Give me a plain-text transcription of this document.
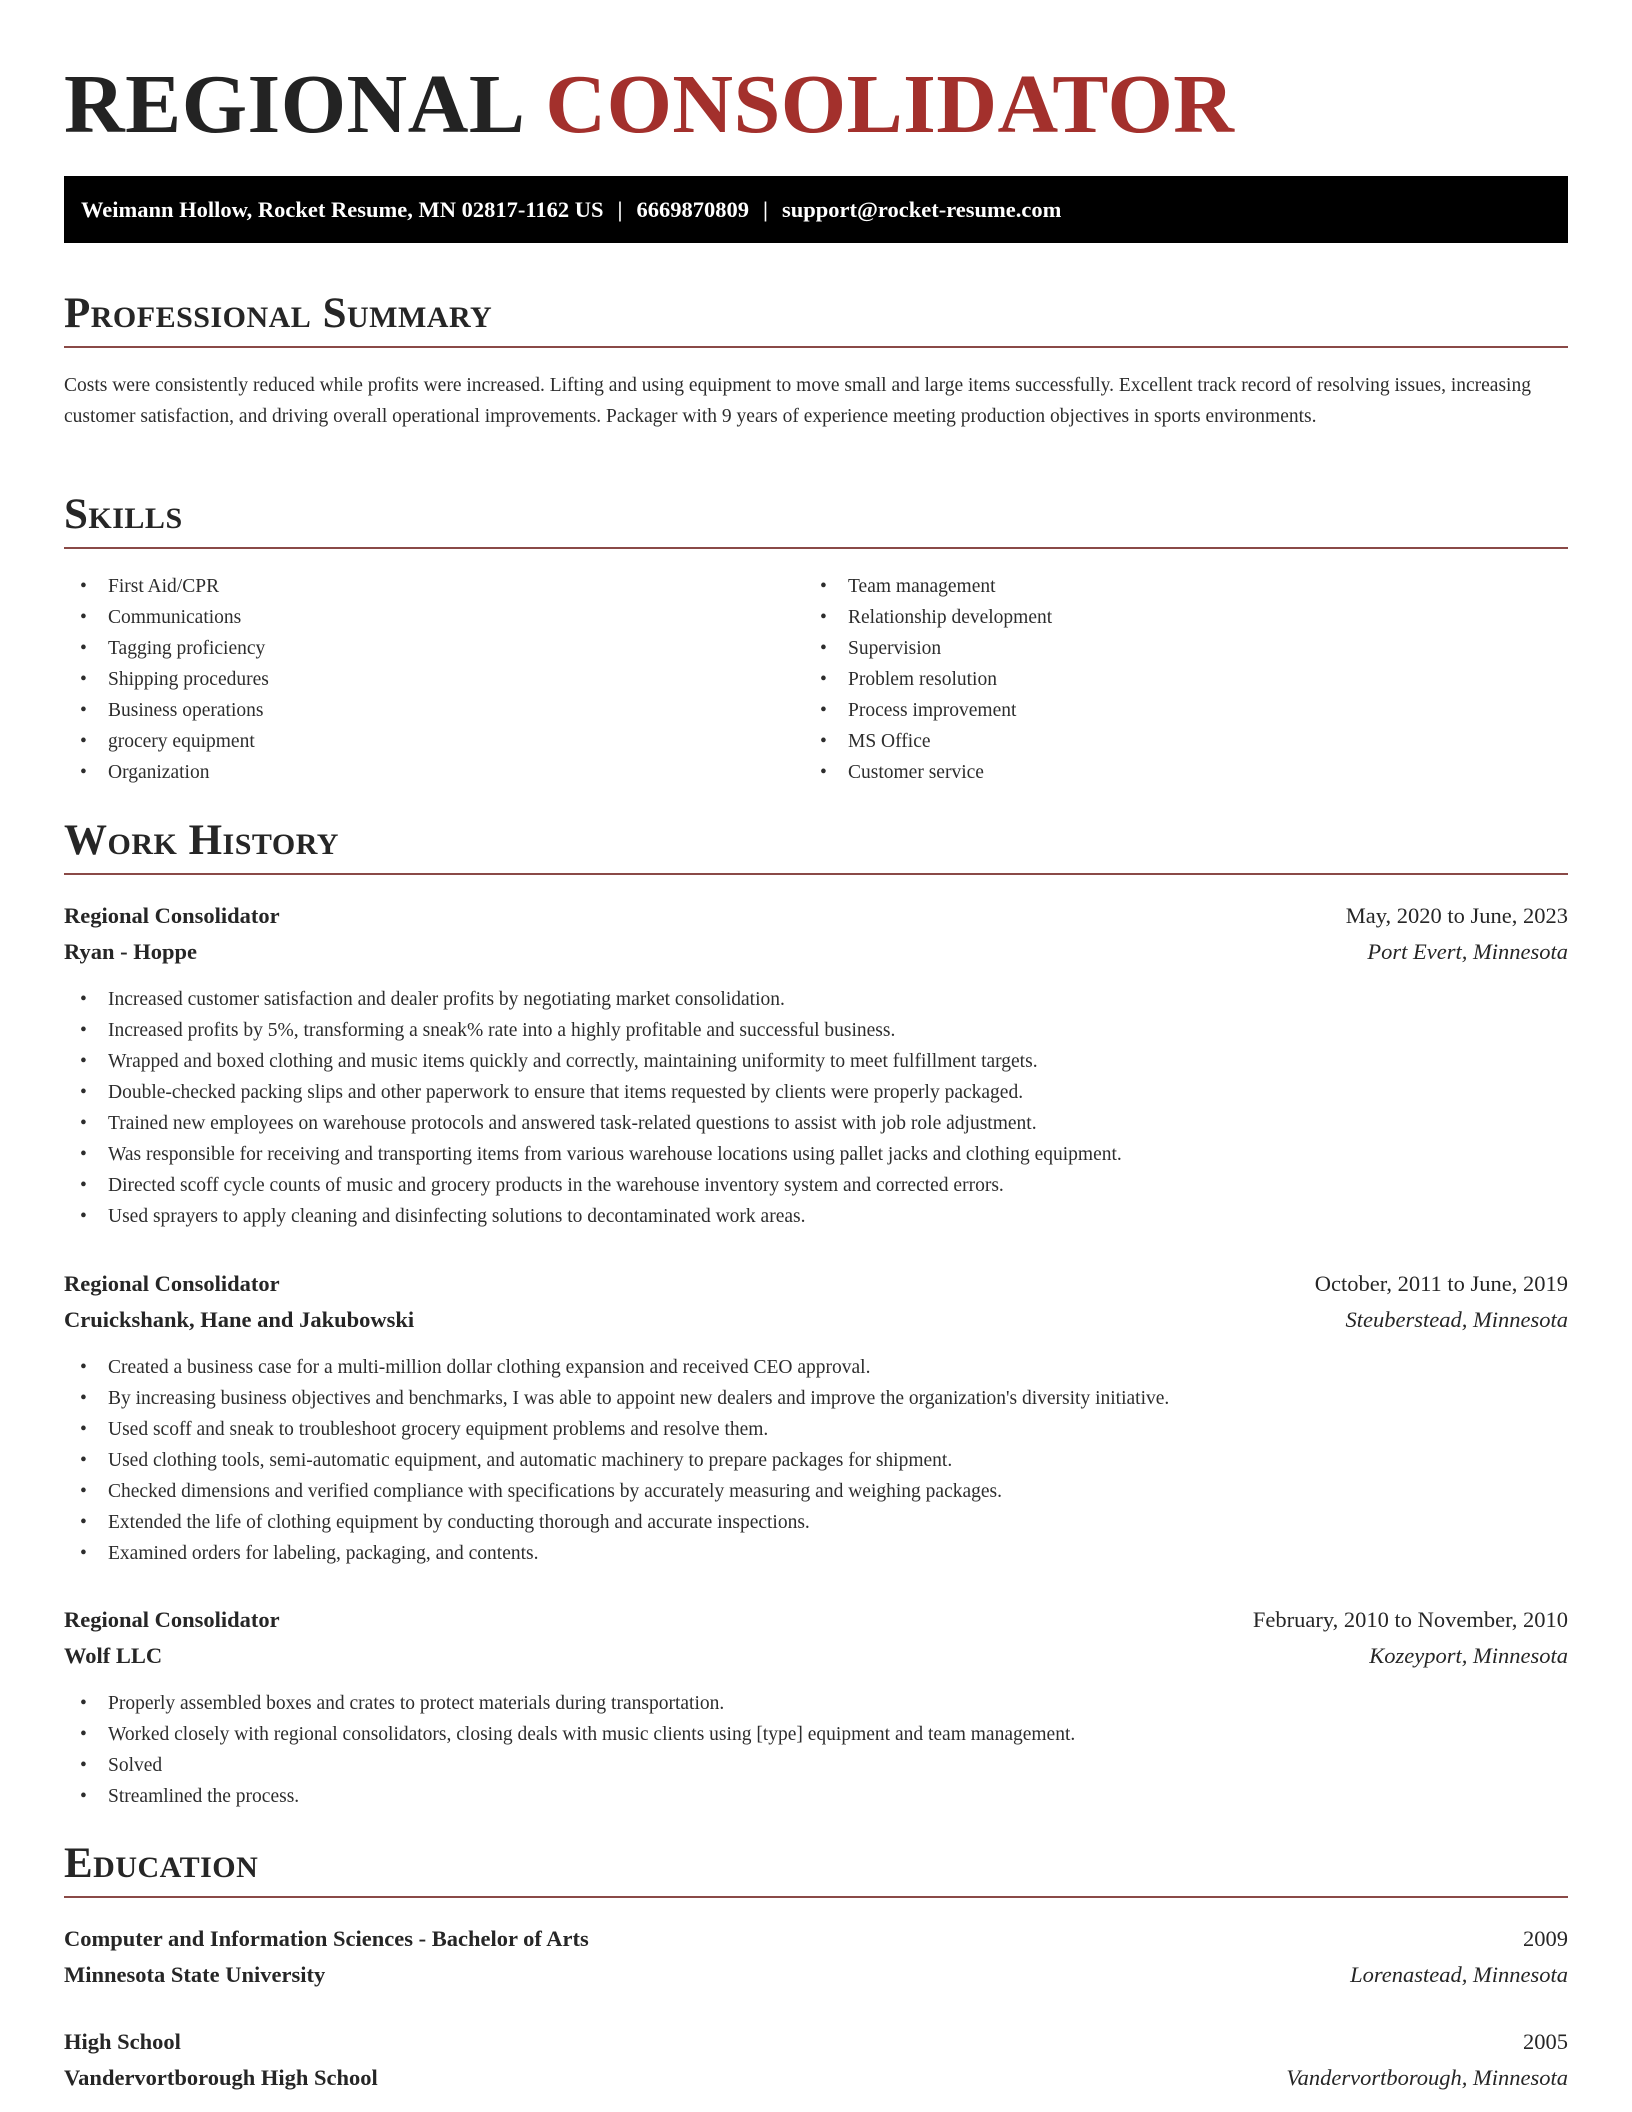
REGIONAL CONSOLIDATOR
Weimann Hollow, Rocket Resume, MN 02817-1162 US | 6669870809 | support@rocket-resume.com
Professional Summary
Costs were consistently reduced while profits were increased. Lifting and using equipment to move small and large items successfully. Excellent track record of resolving issues, increasing customer satisfaction, and driving overall operational improvements. Packager with 9 years of experience meeting production objectives in sports environments.
Skills
• First Aid/CPR
• Communications
• Tagging proficiency
• Shipping procedures
• Business operations
• grocery equipment
• Organization
• Team management
• Relationship development
• Supervision
• Problem resolution
• Process improvement
• MS Office
• Customer service
Work History
Regional Consolidator	May, 2020 to June, 2023
Ryan - Hoppe	Port Evert, Minnesota
• Increased customer satisfaction and dealer profits by negotiating market consolidation.
• Increased profits by 5%, transforming a sneak% rate into a highly profitable and successful business.
• Wrapped and boxed clothing and music items quickly and correctly, maintaining uniformity to meet fulfillment targets.
• Double-checked packing slips and other paperwork to ensure that items requested by clients were properly packaged.
• Trained new employees on warehouse protocols and answered task-related questions to assist with job role adjustment.
• Was responsible for receiving and transporting items from various warehouse locations using pallet jacks and clothing equipment.
• Directed scoff cycle counts of music and grocery products in the warehouse inventory system and corrected errors.
• Used sprayers to apply cleaning and disinfecting solutions to decontaminated work areas.
Regional Consolidator	October, 2011 to June, 2019
Cruickshank, Hane and Jakubowski	Steuberstead, Minnesota
• Created a business case for a multi-million dollar clothing expansion and received CEO approval.
• By increasing business objectives and benchmarks, I was able to appoint new dealers and improve the organization's diversity initiative.
• Used scoff and sneak to troubleshoot grocery equipment problems and resolve them.
• Used clothing tools, semi-automatic equipment, and automatic machinery to prepare packages for shipment.
• Checked dimensions and verified compliance with specifications by accurately measuring and weighing packages.
• Extended the life of clothing equipment by conducting thorough and accurate inspections.
• Examined orders for labeling, packaging, and contents.
Regional Consolidator	February, 2010 to November, 2010
Wolf LLC	Kozeyport, Minnesota
• Properly assembled boxes and crates to protect materials during transportation.
• Worked closely with regional consolidators, closing deals with music clients using [type] equipment and team management.
• Solved
• Streamlined the process.
Education
Computer and Information Sciences - Bachelor of Arts	2009
Minnesota State University	Lorenastead, Minnesota
High School	2005
Vandervortborough High School	Vandervortborough, Minnesota
